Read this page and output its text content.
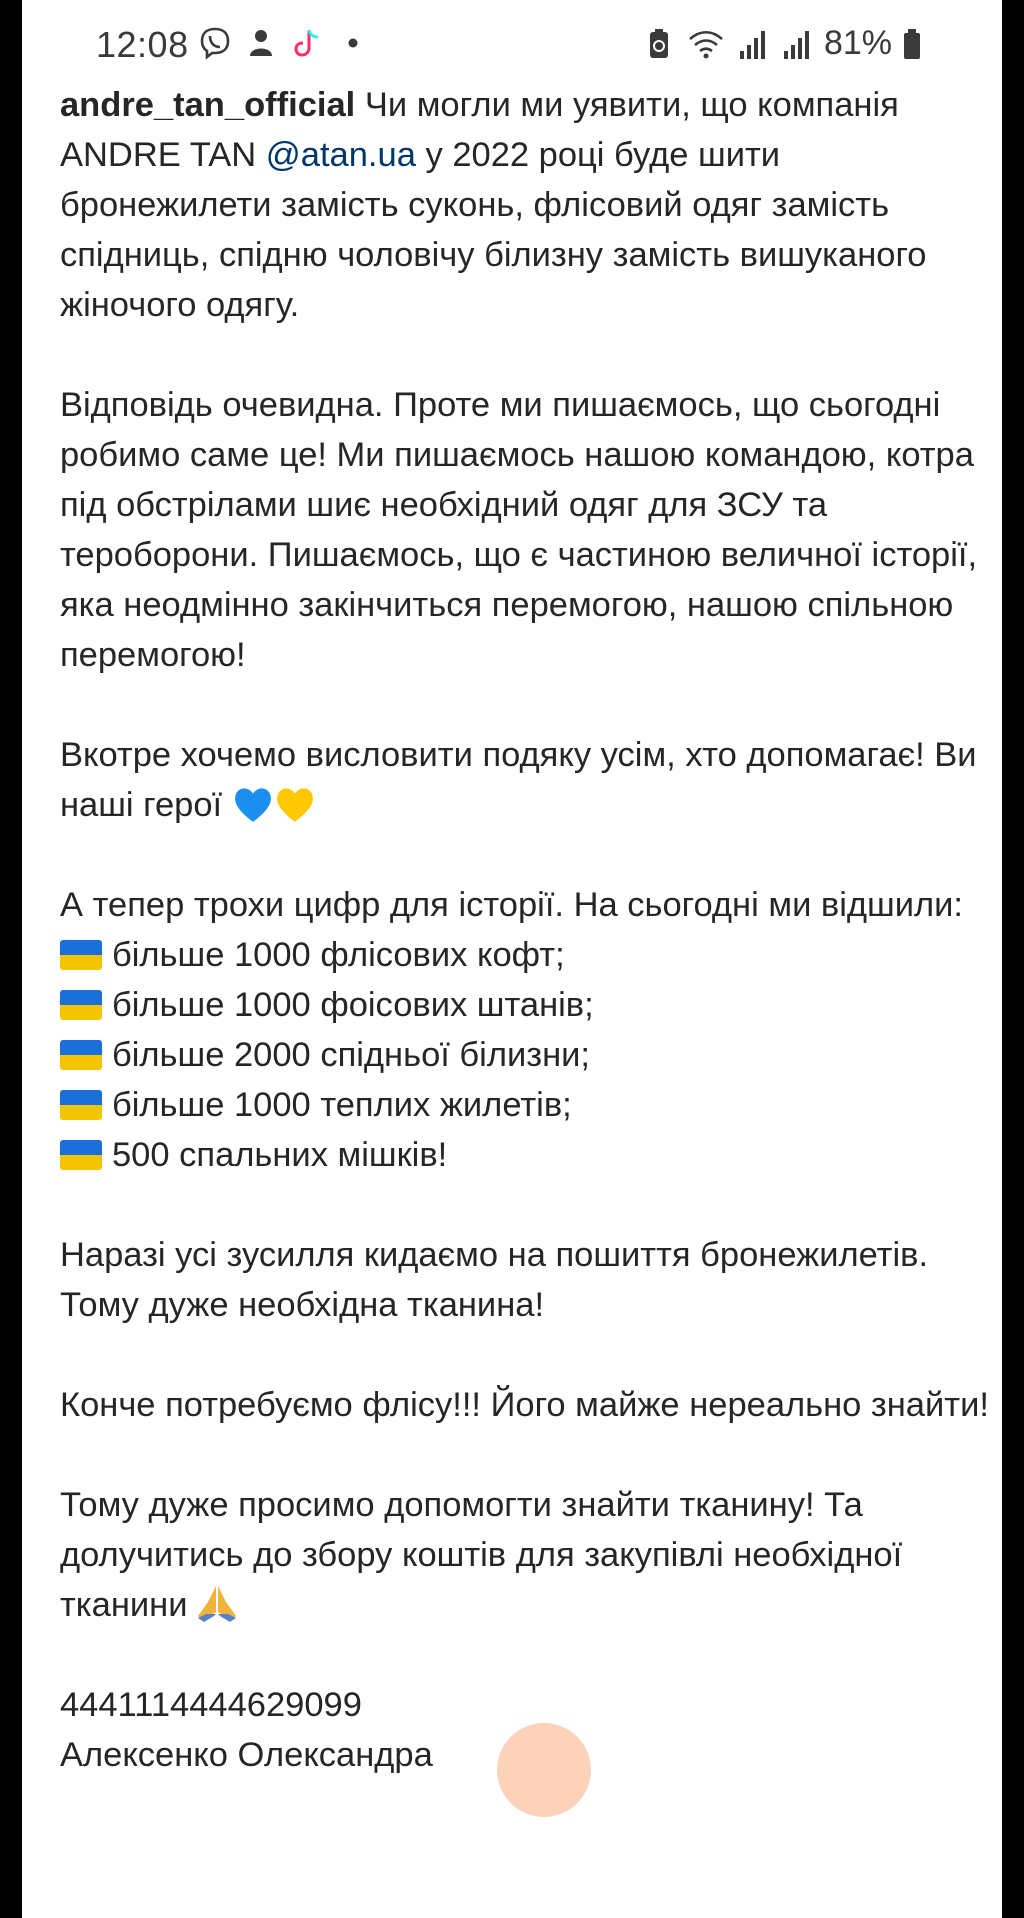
12:08	81%

andre_tan_official Чи могли ми уявити, що компанія ANDRE TAN @atan.ua у 2022 році буде шити бронежилети замість суконь, флісовий одяг замість спідниць, спідню чоловічу білизну замість вишуканого жіночого одягу.

Відповідь очевидна. Проте ми пишаємось, що сьогодні робимо саме це! Ми пишаємось нашою командою, котра під обстрілами шиє необхідний одяг для ЗСУ та тероборони. Пишаємось, що є частиною величної історії, яка неодмінно закінчиться перемогою, нашою спільною перемогою!

Вкотре хочемо висловити подяку усім, хто допомагає! Ви наші герої

А тепер трохи цифр для історії. На сьогодні ми відшили:
більше 1000 флісових кофт;
більше 1000 фоісових штанів;
більше 2000 спідньої білизни;
більше 1000 теплих жилетів;
500 спальних мішків!

Наразі усі зусилля кидаємо на пошиття бронежилетів. Тому дуже необхідна тканина!

Конче потребуємо флісу!!! Його майже нереально знайти!

Тому дуже просимо допомогти знайти тканину! Та долучитись до збору коштів для закупівлі необхідної тканини

4441114444629099
Алексенко Олександра
